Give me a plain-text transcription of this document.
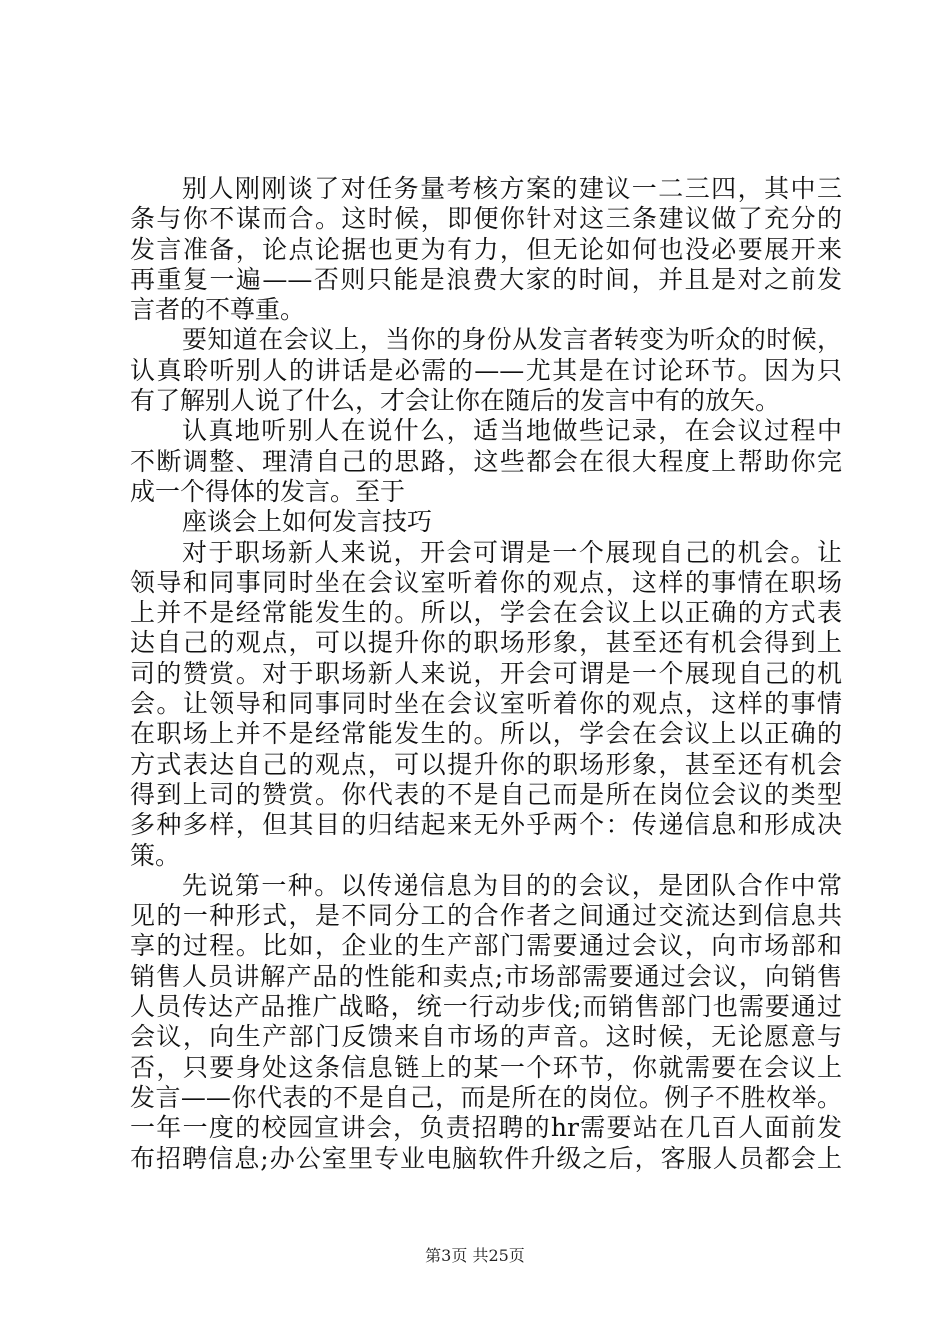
别人刚刚谈了对任务量考核方案的建议一二三四，其中三
条与你不谋而合。这时候，即便你针对这三条建议做了充分的
发言准备，论点论据也更为有力，但无论如何也没必要展开来
再重复一遍——否则只能是浪费大家的时间，并且是对之前发
言者的不尊重。
要知道在会议上，当你的身份从发言者转变为听众的时候，
认真聆听别人的讲话是必需的——尤其是在讨论环节。因为只
有了解别人说了什么，才会让你在随后的发言中有的放矢。
认真地听别人在说什么，适当地做些记录，在会议过程中
不断调整、理清自己的思路，这些都会在很大程度上帮助你完
成一个得体的发言。至于
座谈会上如何发言技巧
对于职场新人来说，开会可谓是一个展现自己的机会。让
领导和同事同时坐在会议室听着你的观点，这样的事情在职场
上并不是经常能发生的。所以，学会在会议上以正确的方式表
达自己的观点，可以提升你的职场形象，甚至还有机会得到上
司的赞赏。对于职场新人来说，开会可谓是一个展现自己的机
会。让领导和同事同时坐在会议室听着你的观点，这样的事情
在职场上并不是经常能发生的。所以，学会在会议上以正确的
方式表达自己的观点，可以提升你的职场形象，甚至还有机会
得到上司的赞赏。你代表的不是自己而是所在岗位会议的类型
多种多样，但其目的归结起来无外乎两个：传递信息和形成决
策。
先说第一种。以传递信息为目的的会议，是团队合作中常
见的一种形式，是不同分工的合作者之间通过交流达到信息共
享的过程。比如，企业的生产部门需要通过会议，向市场部和
销售人员讲解产品的性能和卖点;市场部需要通过会议，向销售
人员传达产品推广战略，统一行动步伐;而销售部门也需要通过
会议，向生产部门反馈来自市场的声音。这时候，无论愿意与
否，只要身处这条信息链上的某一个环节，你就需要在会议上
发言——你代表的不是自己，而是所在的岗位。例子不胜枚举。
一年一度的校园宣讲会，负责招聘的hr需要站在几百人面前发
布招聘信息;办公室里专业电脑软件升级之后，客服人员都会上
第3页 共25页
